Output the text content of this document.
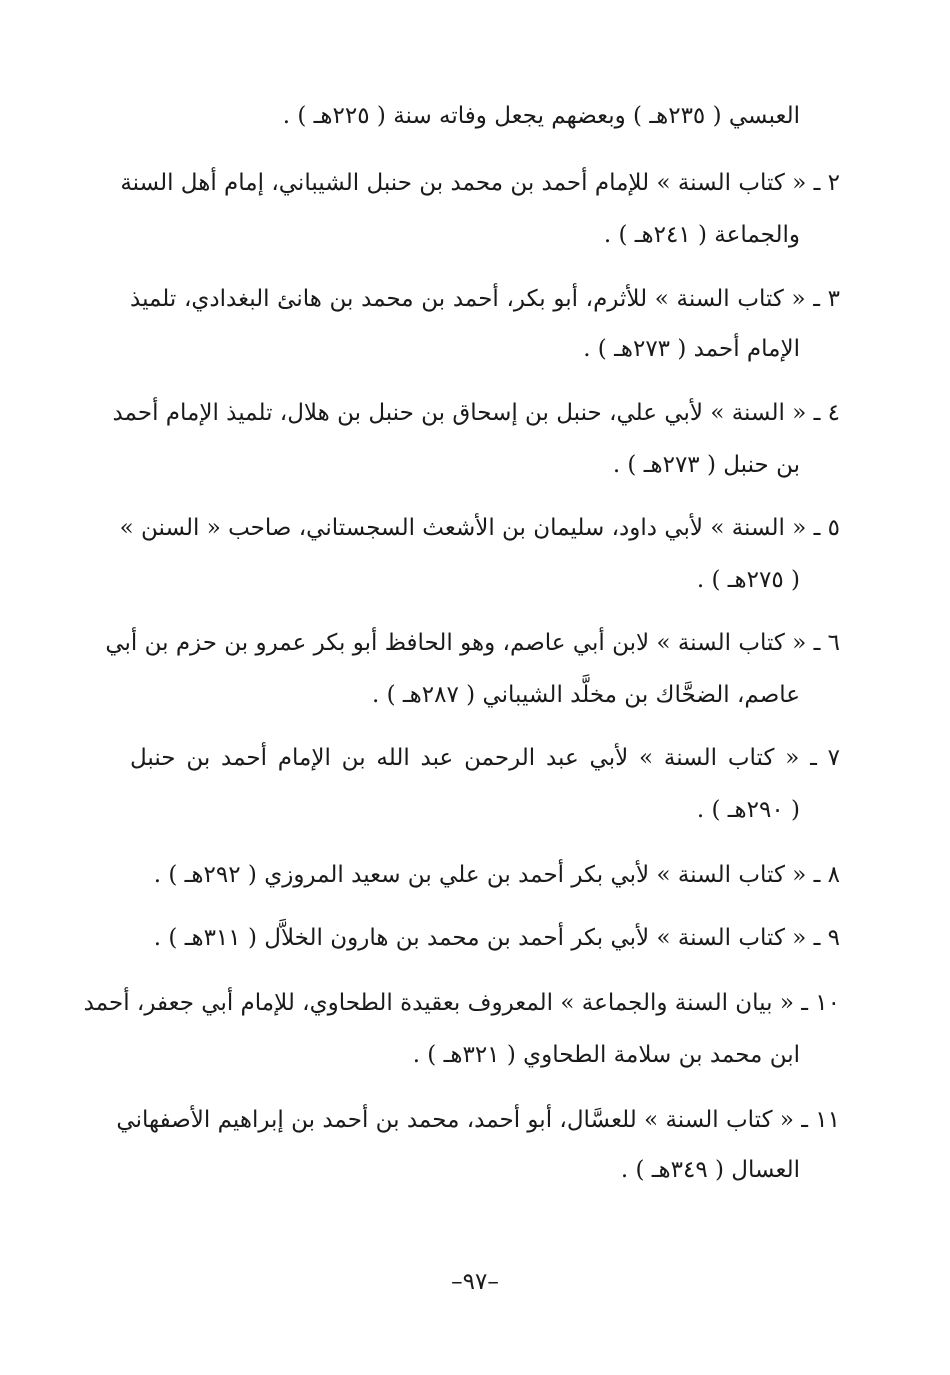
العبسي ( ٢٣٥هـ ) وبعضهم يجعل وفاته سنة ( ٢٢٥هـ ) .
٢ ـ « كتاب السنة » للإمام أحمد بن محمد بن حنبل الشيباني، إمام أهل السنة
والجماعة ( ٢٤١هـ ) .
٣ ـ « كتاب السنة » للأثرم، أبو بكر، أحمد بن محمد بن هانئ البغدادي، تلميذ
الإمام أحمد ( ٢٧٣هـ ) .
٤ ـ « السنة » لأبي علي، حنبل بن إسحاق بن حنبل بن هلال، تلميذ الإمام أحمد
بن حنبل ( ٢٧٣هـ ) .
٥ ـ « السنة » لأبي داود، سليمان بن الأشعث السجستاني، صاحب « السنن »
( ٢٧٥هـ ) .
٦ ـ « كتاب السنة » لابن أبي عاصم، وهو الحافظ أبو بكر عمرو بن حزم بن أبي
عاصم، الضحَّاك بن مخلَّد الشيباني ( ٢٨٧هـ ) .
٧ ـ « كتاب السنة » لأبي عبد الرحمن عبد الله بن الإمام أحمد بن حنبل
( ٢٩٠هـ ) .
٨ ـ « كتاب السنة » لأبي بكر أحمد بن علي بن سعيد المروزي ( ٢٩٢هـ ) .
٩ ـ « كتاب السنة » لأبي بكر أحمد بن محمد بن هارون الخلاَّل ( ٣١١هـ ) .
١٠ ـ « بيان السنة والجماعة » المعروف بعقيدة الطحاوي، للإمام أبي جعفر، أحمد
ابن محمد بن سلامة الطحاوي ( ٣٢١هـ ) .
١١ ـ « كتاب السنة » للعسَّال، أبو أحمد، محمد بن أحمد بن إبراهيم الأصفهاني
العسال ( ٣٤٩هـ ) .
–٩٧–
